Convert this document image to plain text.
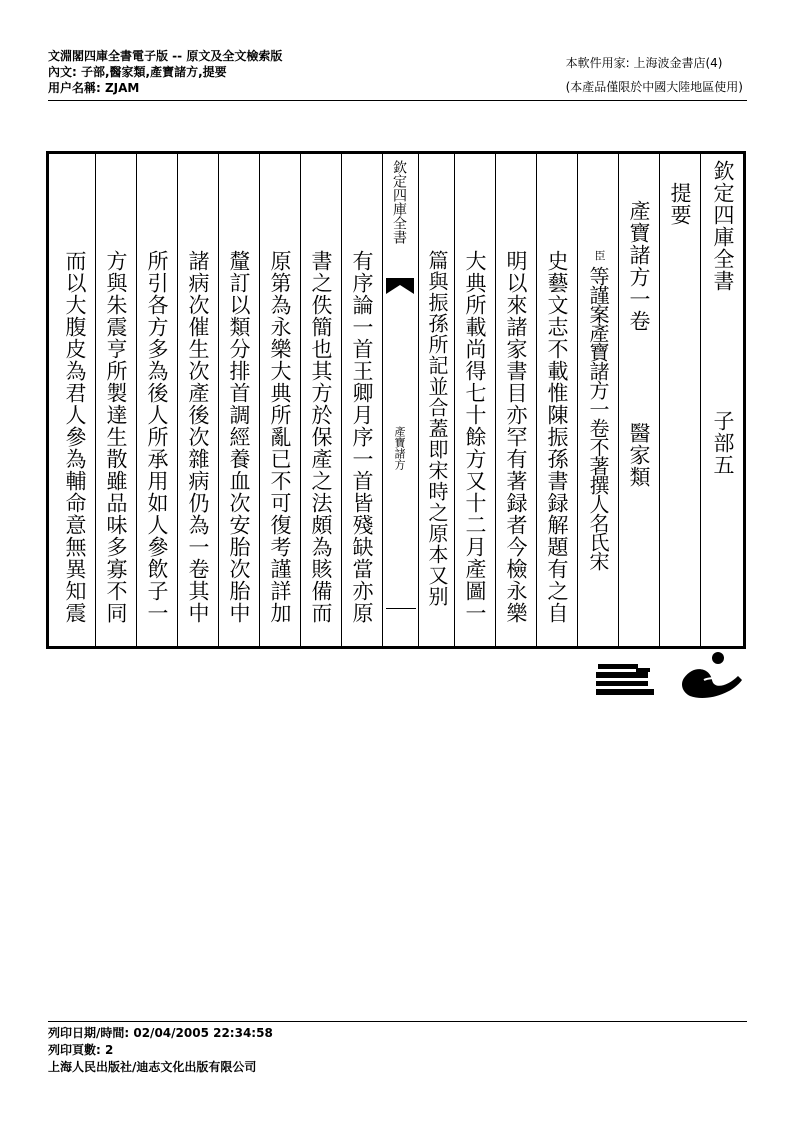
文淵閣四庫全書電子版 -- 原文及全文檢索版
內文: 子部,醫家類,產寶諸方,提要
用户名稱: ZJAM
本軟件用家: 上海波金書店(4)
(本產品僅限於中國大陸地區使用)
欽定四庫全書
子部五
提要
產寶諸方一卷
醫家類
臣
等謹案產寶諸方一卷不著撰人名氏宋
史藝文志不載惟陳振孫書録解題有之自
明以來諸家書目亦罕有著録者今檢永樂
大典所載尚得七十餘方又十二月產圖一
篇與振孫所記並合蓋即宋時之原本又别
欽定四庫全書
產寶諸方
有序論一首王卿月序一首皆殘缺當亦原
書之佚簡也其方於保產之法頗為賅備而
原第為永樂大典所亂已不可復考謹詳加
釐訂以類分排首調經養血次安胎次胎中
諸病次催生次產後次雜病仍為一卷其中
所引各方多為後人所承用如人參飲子一
方與朱震亨所製達生散雖品味多寡不同
而以大腹皮為君人參為輔命意無異知震
列印日期/時間: 02/04/2005 22:34:58
列印頁數: 2
上海人民出版社/迪志文化出版有限公司
